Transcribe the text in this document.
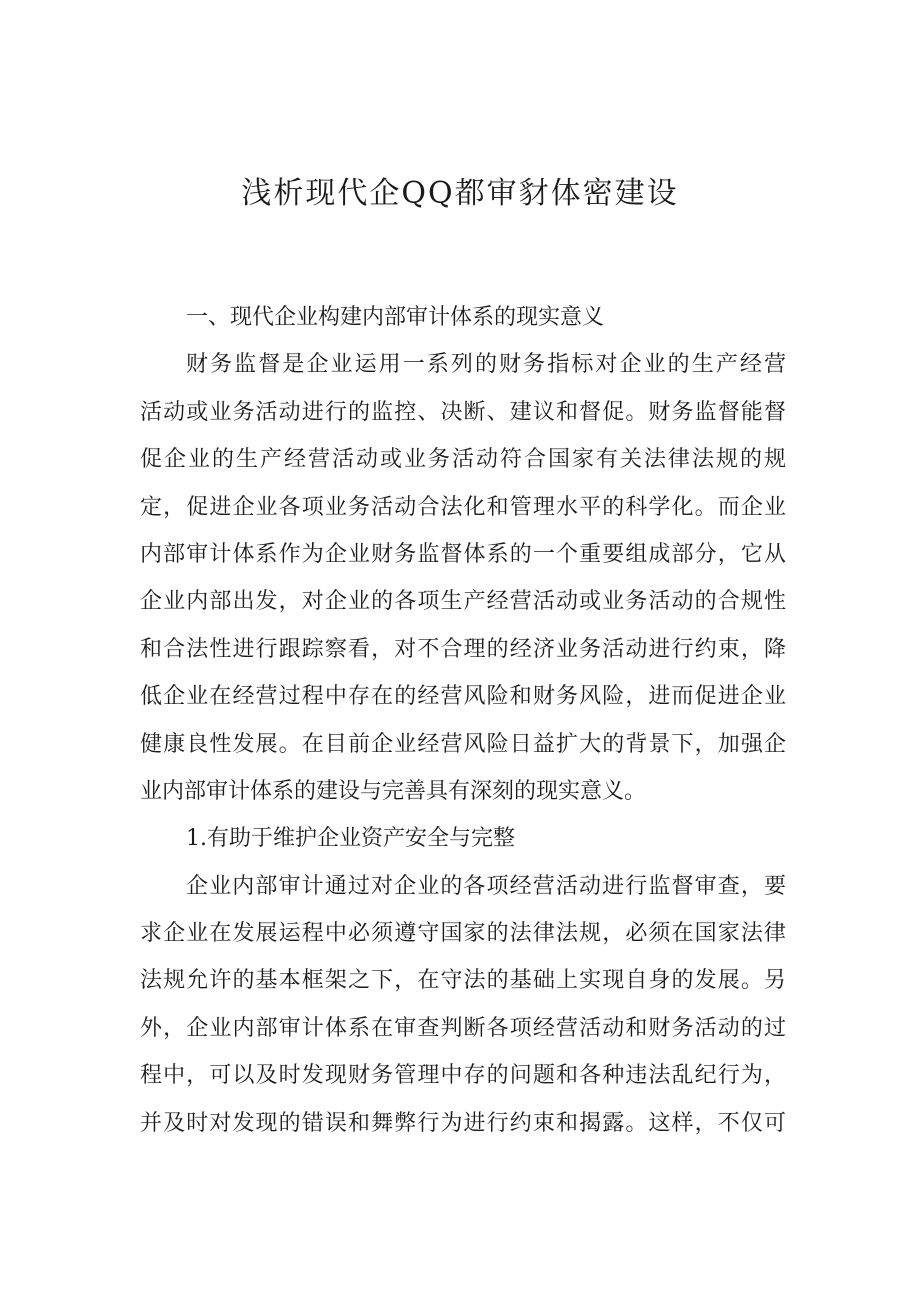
浅析现代企QQ都审豺体密建设
一、现代企业构建内部审计体系的现实意义
财务监督是企业运用一系列的财务指标对企业的生产经营
活动或业务活动进行的监控、决断、建议和督促。财务监督能督
促企业的生产经营活动或业务活动符合国家有关法律法规的规
定，促进企业各项业务活动合法化和管理水平的科学化。而企业
内部审计体系作为企业财务监督体系的一个重要组成部分，它从
企业内部出发，对企业的各项生产经营活动或业务活动的合规性
和合法性进行跟踪察看，对不合理的经济业务活动进行约束，降
低企业在经营过程中存在的经营风险和财务风险，进而促进企业
健康良性发展。在目前企业经营风险日益扩大的背景下，加强企
业内部审计体系的建设与完善具有深刻的现实意义。
1.有助于维护企业资产安全与完整
企业内部审计通过对企业的各项经营活动进行监督审查，要
求企业在发展运程中必须遵守国家的法律法规，必须在国家法律
法规允许的基本框架之下，在守法的基础上实现自身的发展。另
外，企业内部审计体系在审查判断各项经营活动和财务活动的过
程中，可以及时发现财务管理中存的问题和各种违法乱纪行为，
并及时对发现的错误和舞弊行为进行约束和揭露。这样，不仅可
